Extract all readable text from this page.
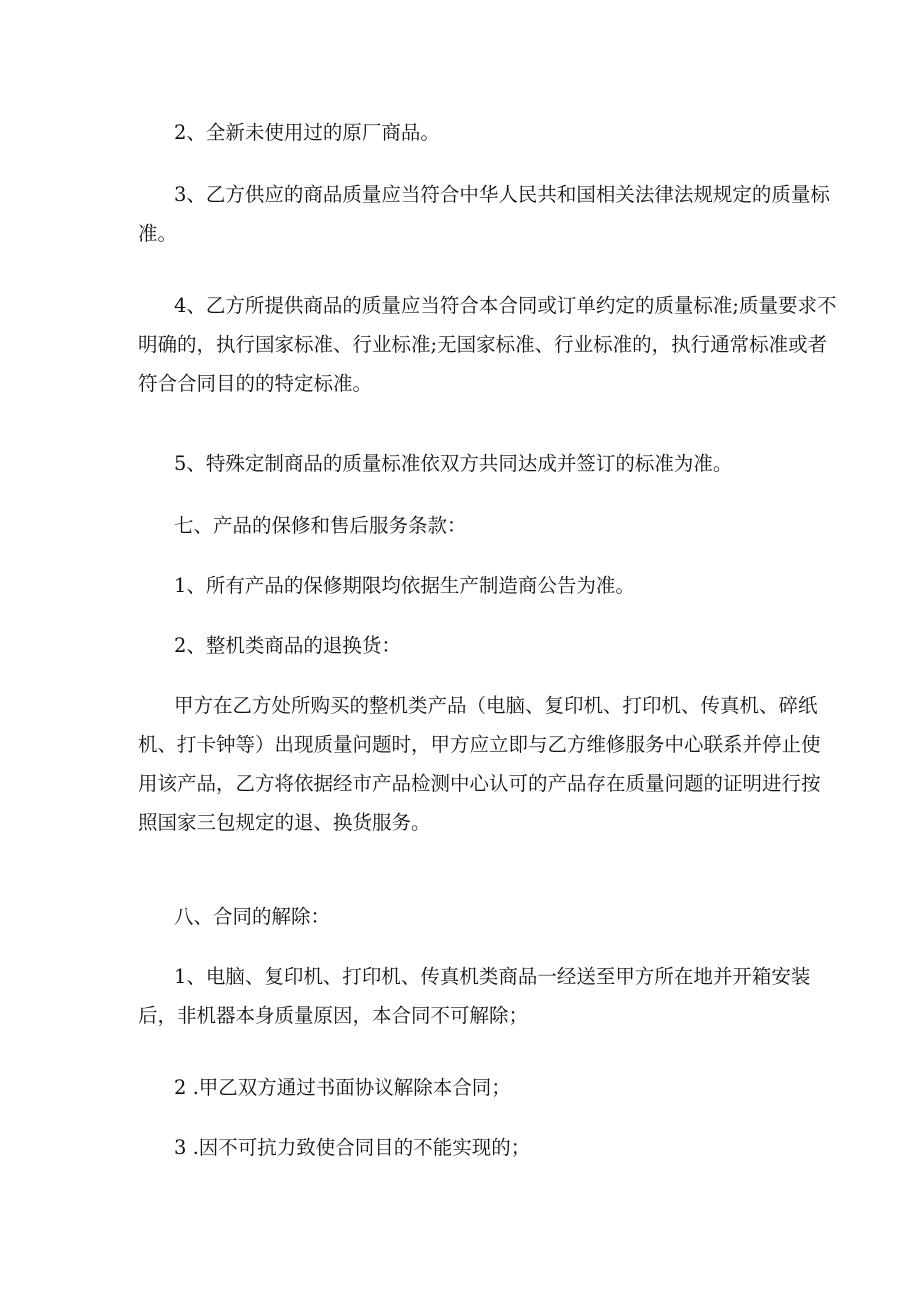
2、全新未使用过的原厂商品。

3、乙方供应的商品质量应当符合中华人民共和国相关法律法规规定的质量标准。

4、乙方所提供商品的质量应当符合本合同或订单约定的质量标准;质量要求不明确的，执行国家标准、行业标准;无国家标准、行业标准的，执行通常标准或者符合合同目的的特定标准。

5、特殊定制商品的质量标准依双方共同达成并签订的标准为准。

七、产品的保修和售后服务条款：

1、所有产品的保修期限均依据生产制造商公告为准。

2、整机类商品的退换货：

甲方在乙方处所购买的整机类产品（电脑、复印机、打印机、传真机、碎纸机、打卡钟等）出现质量问题时，甲方应立即与乙方维修服务中心联系并停止使用该产品，乙方将依据经市产品检测中心认可的产品存在质量问题的证明进行按照国家三包规定的退、换货服务。

八、合同的解除：

1、电脑、复印机、打印机、传真机类商品一经送至甲方所在地并开箱安装后，非机器本身质量原因，本合同不可解除；

2 .甲乙双方通过书面协议解除本合同；

3 .因不可抗力致使合同目的不能实现的；
